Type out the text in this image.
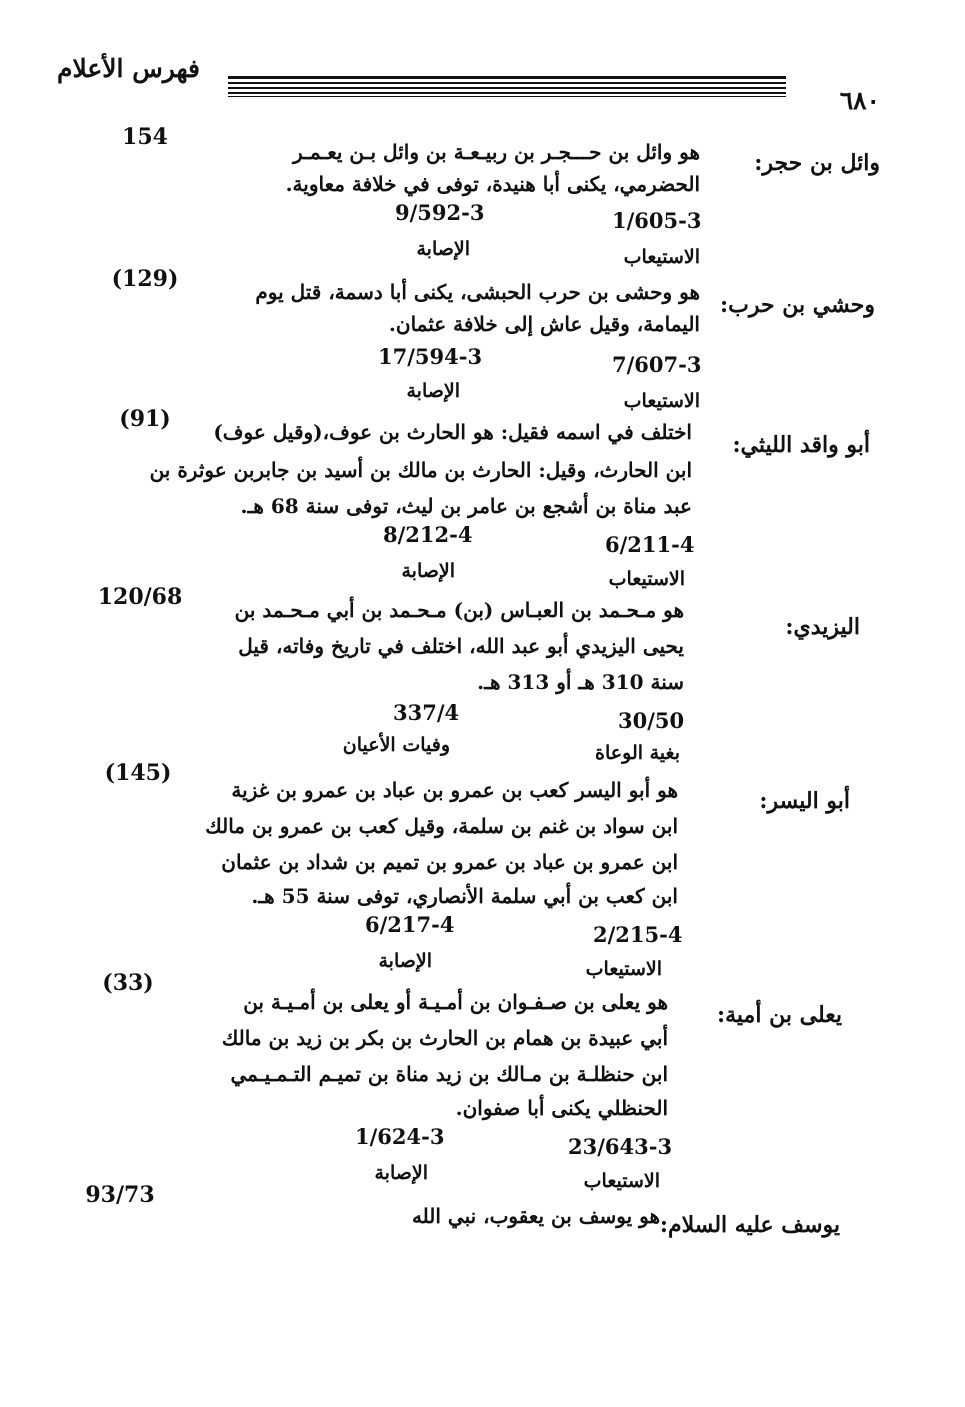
فهرس الأعلام
٦٨٠
154
وائل بن حجر:
هو وائل بن حـــجـر بن ربيـعـة بن وائل بـن يعـمـر
الحضرمي، يكنى أبا هنيدة، توفى في خلافة معاوية.
1/605-3
9/592-3
الاستيعاب
الإصابة
(129)
وحشي بن حرب:
هو وحشى بن حرب الحبشى، يكنى أبا دسمة، قتل يوم
اليمامة، وقيل عاش إلى خلافة عثمان.
7/607-3
17/594-3
الاستيعاب
الإصابة
(91)
أبو واقد الليثي:
اختلف في اسمه فقيل: هو الحارث بن عوف،(وقيل عوف)
ابن الحارث، وقيل: الحارث بن مالك بن أسيد بن جابربن عوثرة بن
عبد مناة بن أشجع بن عامر بن ليث، توفى سنة 68 هـ.
6/211-4
8/212-4
الاستيعاب
الإصابة
120/68
اليزيدي:
هو مـحـمد بن العبـاس (بن) مـحـمد بن أبي مـحـمد بن
يحيى اليزيدي أبو عبد الله، اختلف في تاريخ وفاته، قيل
سنة 310 هـ أو 313 هـ.
30/50
337/4
بغية الوعاة
وفيات الأعيان
(145)
أبو اليسر:
هو أبو اليسر كعب بن عمرو بن عباد بن عمرو بن غزية
ابن سواد بن غنم بن سلمة، وقيل كعب بن عمرو بن مالك
ابن عمرو بن عباد بن عمرو بن تميم بن شداد بن عثمان
ابن كعب بن أبي سلمة الأنصاري، توفى سنة 55 هـ.
2/215-4
6/217-4
الاستيعاب
الإصابة
(33)
يعلى بن أمية:
هو يعلى بن صـفـوان بن أمـيـة أو يعلى بن أمـيـة بن
أبي عبيدة بن همام بن الحارث بن بكر بن زيد بن مالك
ابن حنظلـة بن مـالك بن زيد مناة بن تميـم التـمـيـمي
الحنظلي يكنى أبا صفوان.
23/643-3
1/624-3
الاستيعاب
الإصابة
93/73
يوسف عليه السلام:
هو يوسف بن يعقوب، نبي الله
